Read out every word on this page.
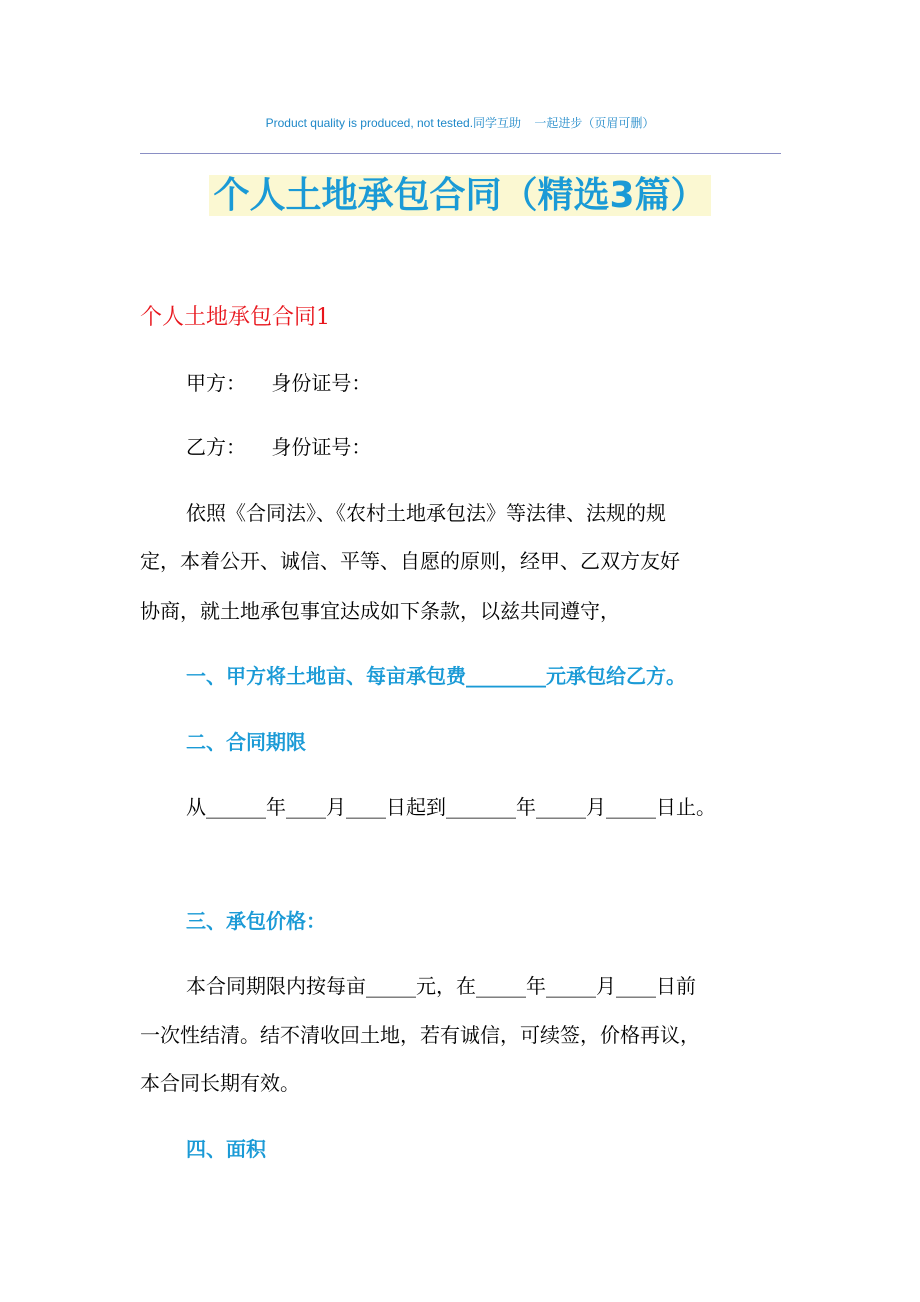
Product quality is produced, not tested.同学互助    一起进步（页眉可删）
个人土地承包合同（精选3篇）
个人土地承包合同1
甲方：    身份证号：
乙方：    身份证号：
依照《合同法》、《农村土地承包法》等法律、法规的规
定，本着公开、诚信、平等、自愿的原则，经甲、乙双方友好
协商，就土地承包事宜达成如下条款，以兹共同遵守，
一、甲方将土地亩、每亩承包费________元承包给乙方。
二、合同期限
从______年____月____日起到_______年_____月_____日止。
三、承包价格：
本合同期限内按每亩_____元，在_____年_____月____日前
一次性结清。结不清收回土地，若有诚信，可续签，价格再议，
本合同长期有效。
四、面积
